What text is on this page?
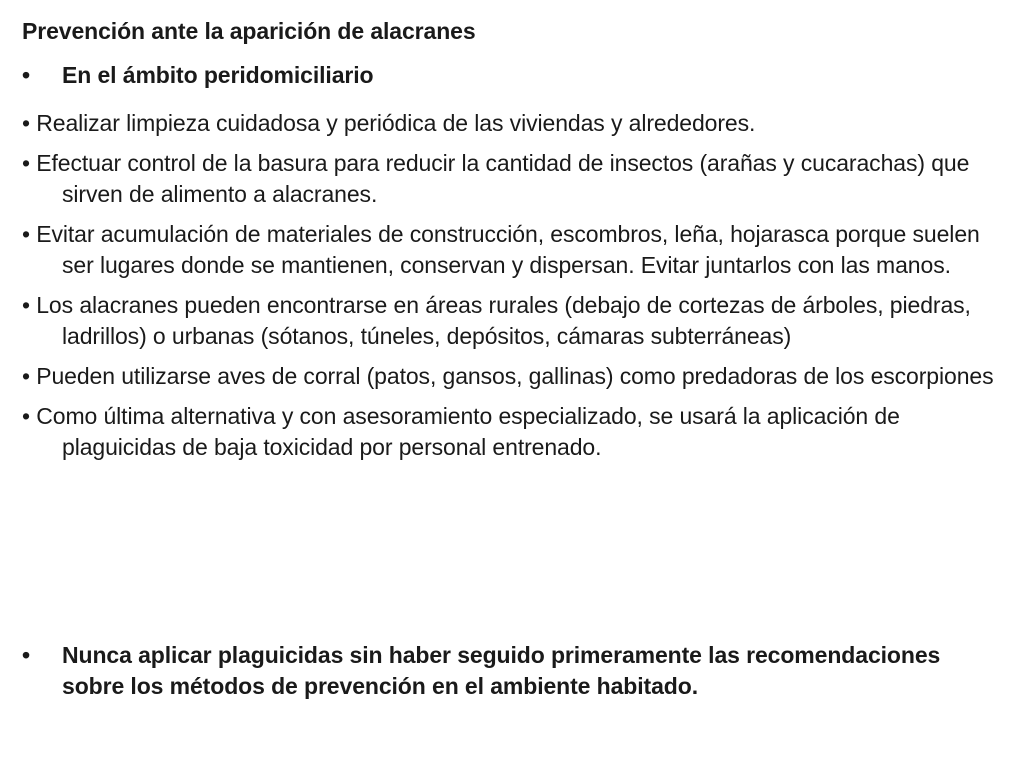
Prevención ante la aparición de alacranes
• En el ámbito peridomiciliario
• Realizar limpieza cuidadosa y periódica de las viviendas y alrededores.
• Efectuar control de la basura para reducir la cantidad de insectos (arañas y cucarachas) que sirven de alimento a alacranes.
• Evitar acumulación de materiales de construcción, escombros, leña, hojarasca porque suelen ser lugares donde se mantienen, conservan y dispersan. Evitar juntarlos con las manos.
• Los alacranes pueden encontrarse en áreas rurales (debajo de cortezas de árboles, piedras, ladrillos) o urbanas (sótanos, túneles, depósitos, cámaras subterráneas)
• Pueden utilizarse aves de corral (patos, gansos, gallinas) como predadoras de los escorpiones
• Como última alternativa y con asesoramiento especializado, se usará la aplicación de plaguicidas de baja toxicidad por personal entrenado.
• Nunca aplicar plaguicidas sin haber seguido primeramente las recomendaciones sobre los métodos de prevención en el ambiente habitado.
